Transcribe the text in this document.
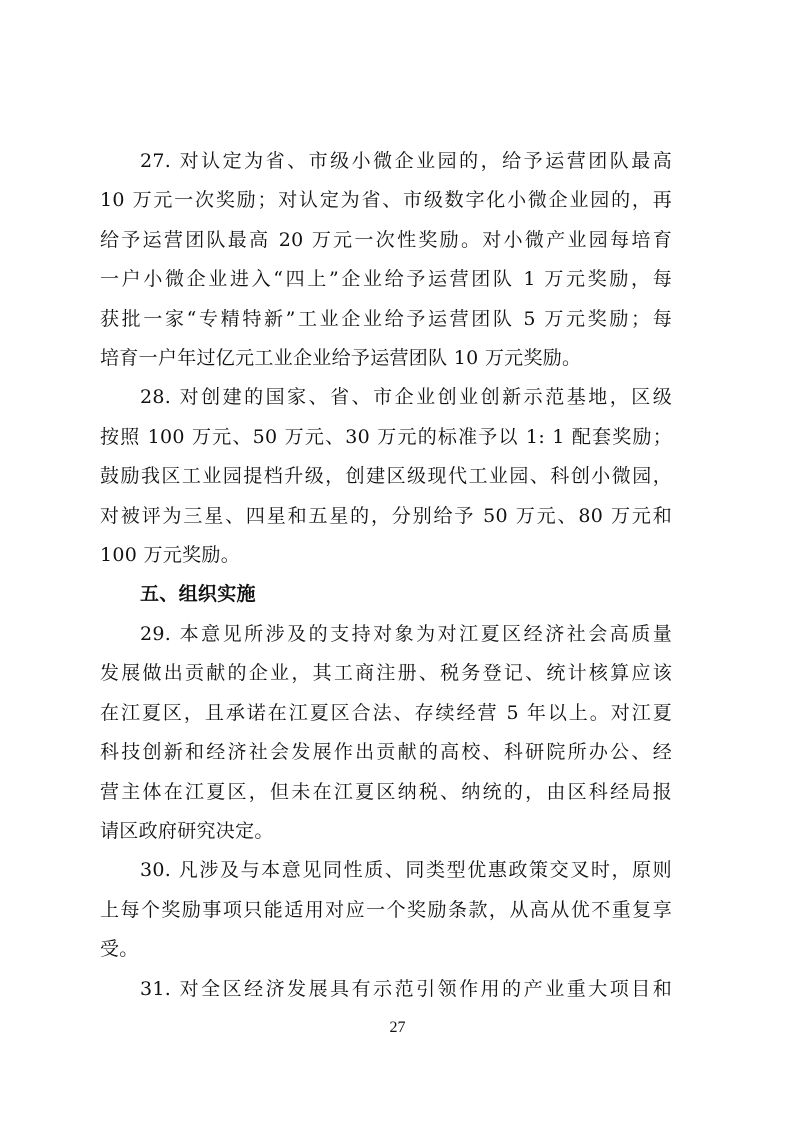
27. 对认定为省、市级小微企业园的，给予运营团队最高
10 万元一次奖励；对认定为省、市级数字化小微企业园的，再
给予运营团队最高 20 万元一次性奖励。对小微产业园每培育
一户小微企业进入“四上”企业给予运营团队 1 万元奖励，每
获批一家“专精特新”工业企业给予运营团队 5 万元奖励；每
培育一户年过亿元工业企业给予运营团队 10 万元奖励。
28. 对创建的国家、省、市企业创业创新示范基地，区级
按照 100 万元、50 万元、30 万元的标准予以 1: 1 配套奖励；
鼓励我区工业园提档升级，创建区级现代工业园、科创小微园，
对被评为三星、四星和五星的，分别给予 50 万元、80 万元和
100 万元奖励。
五、组织实施
29. 本意见所涉及的支持对象为对江夏区经济社会高质量
发展做出贡献的企业，其工商注册、税务登记、统计核算应该
在江夏区，且承诺在江夏区合法、存续经营 5 年以上。对江夏
科技创新和经济社会发展作出贡献的高校、科研院所办公、经
营主体在江夏区，但未在江夏区纳税、纳统的，由区科经局报
请区政府研究决定。
30. 凡涉及与本意见同性质、同类型优惠政策交叉时，原则
上每个奖励事项只能适用对应一个奖励条款，从高从优不重复享
受。
31. 对全区经济发展具有示范引领作用的产业重大项目和
27
